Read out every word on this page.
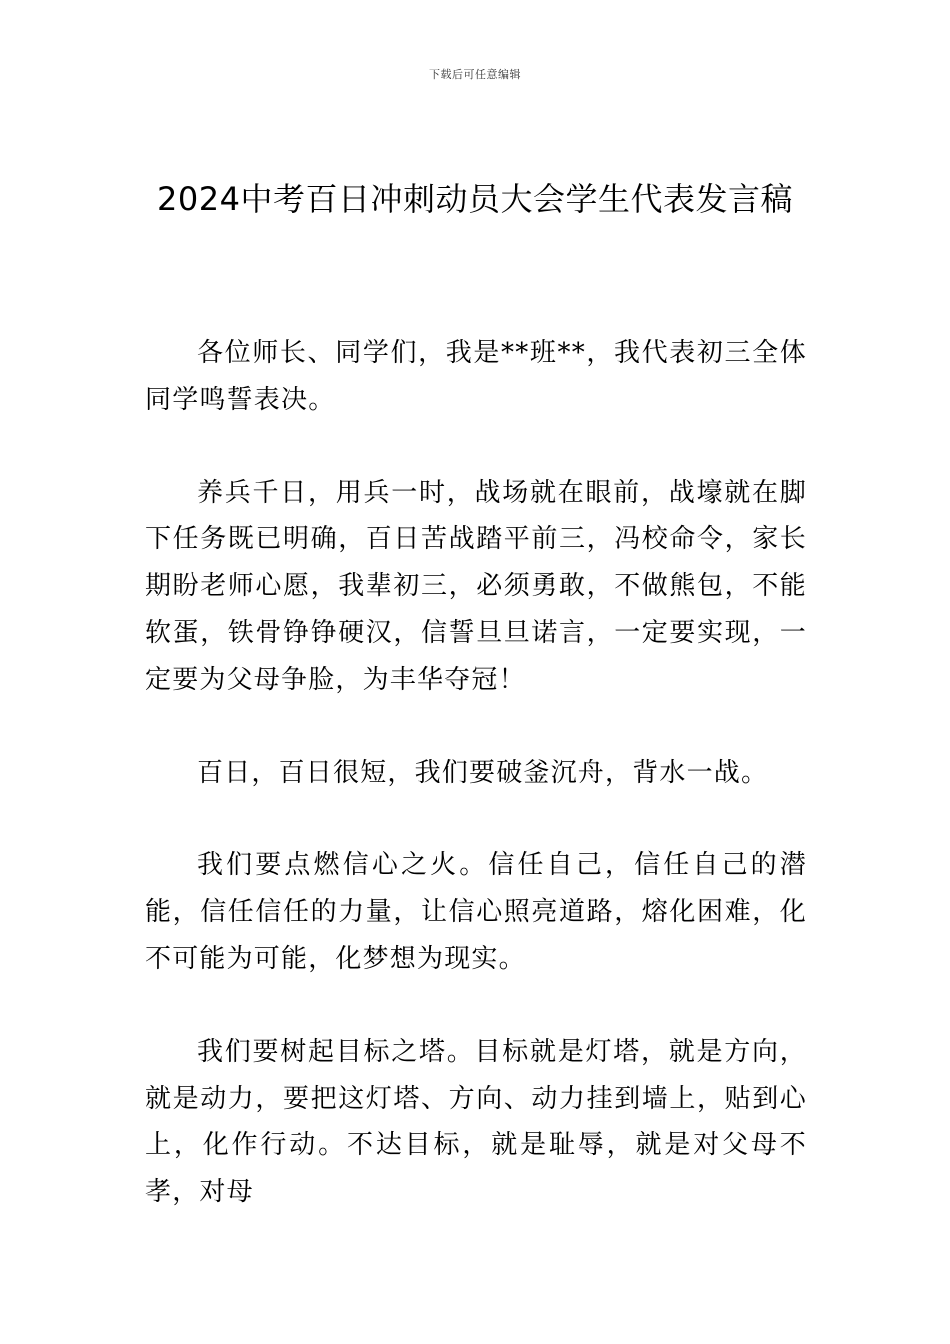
下载后可任意编辑
2024中考百日冲刺动员大会学生代表发言稿

各位师长、同学们，我是**班**，我代表初三全体同学鸣誓表决。

养兵千日，用兵一时，战场就在眼前，战壕就在脚下任务既已明确，百日苦战踏平前三，冯校命令，家长期盼老师心愿，我辈初三，必须勇敢，不做熊包，不能软蛋，铁骨铮铮硬汉，信誓旦旦诺言，一定要实现，一定要为父母争脸，为丰华夺冠！

百日，百日很短，我们要破釜沉舟，背水一战。

我们要点燃信心之火。信任自己，信任自己的潜能，信任信任的力量，让信心照亮道路，熔化困难，化不可能为可能，化梦想为现实。

我们要树起目标之塔。目标就是灯塔，就是方向，就是动力，要把这灯塔、方向、动力挂到墙上，贴到心上，化作行动。不达目标，就是耻辱，就是对父母不孝，对母
